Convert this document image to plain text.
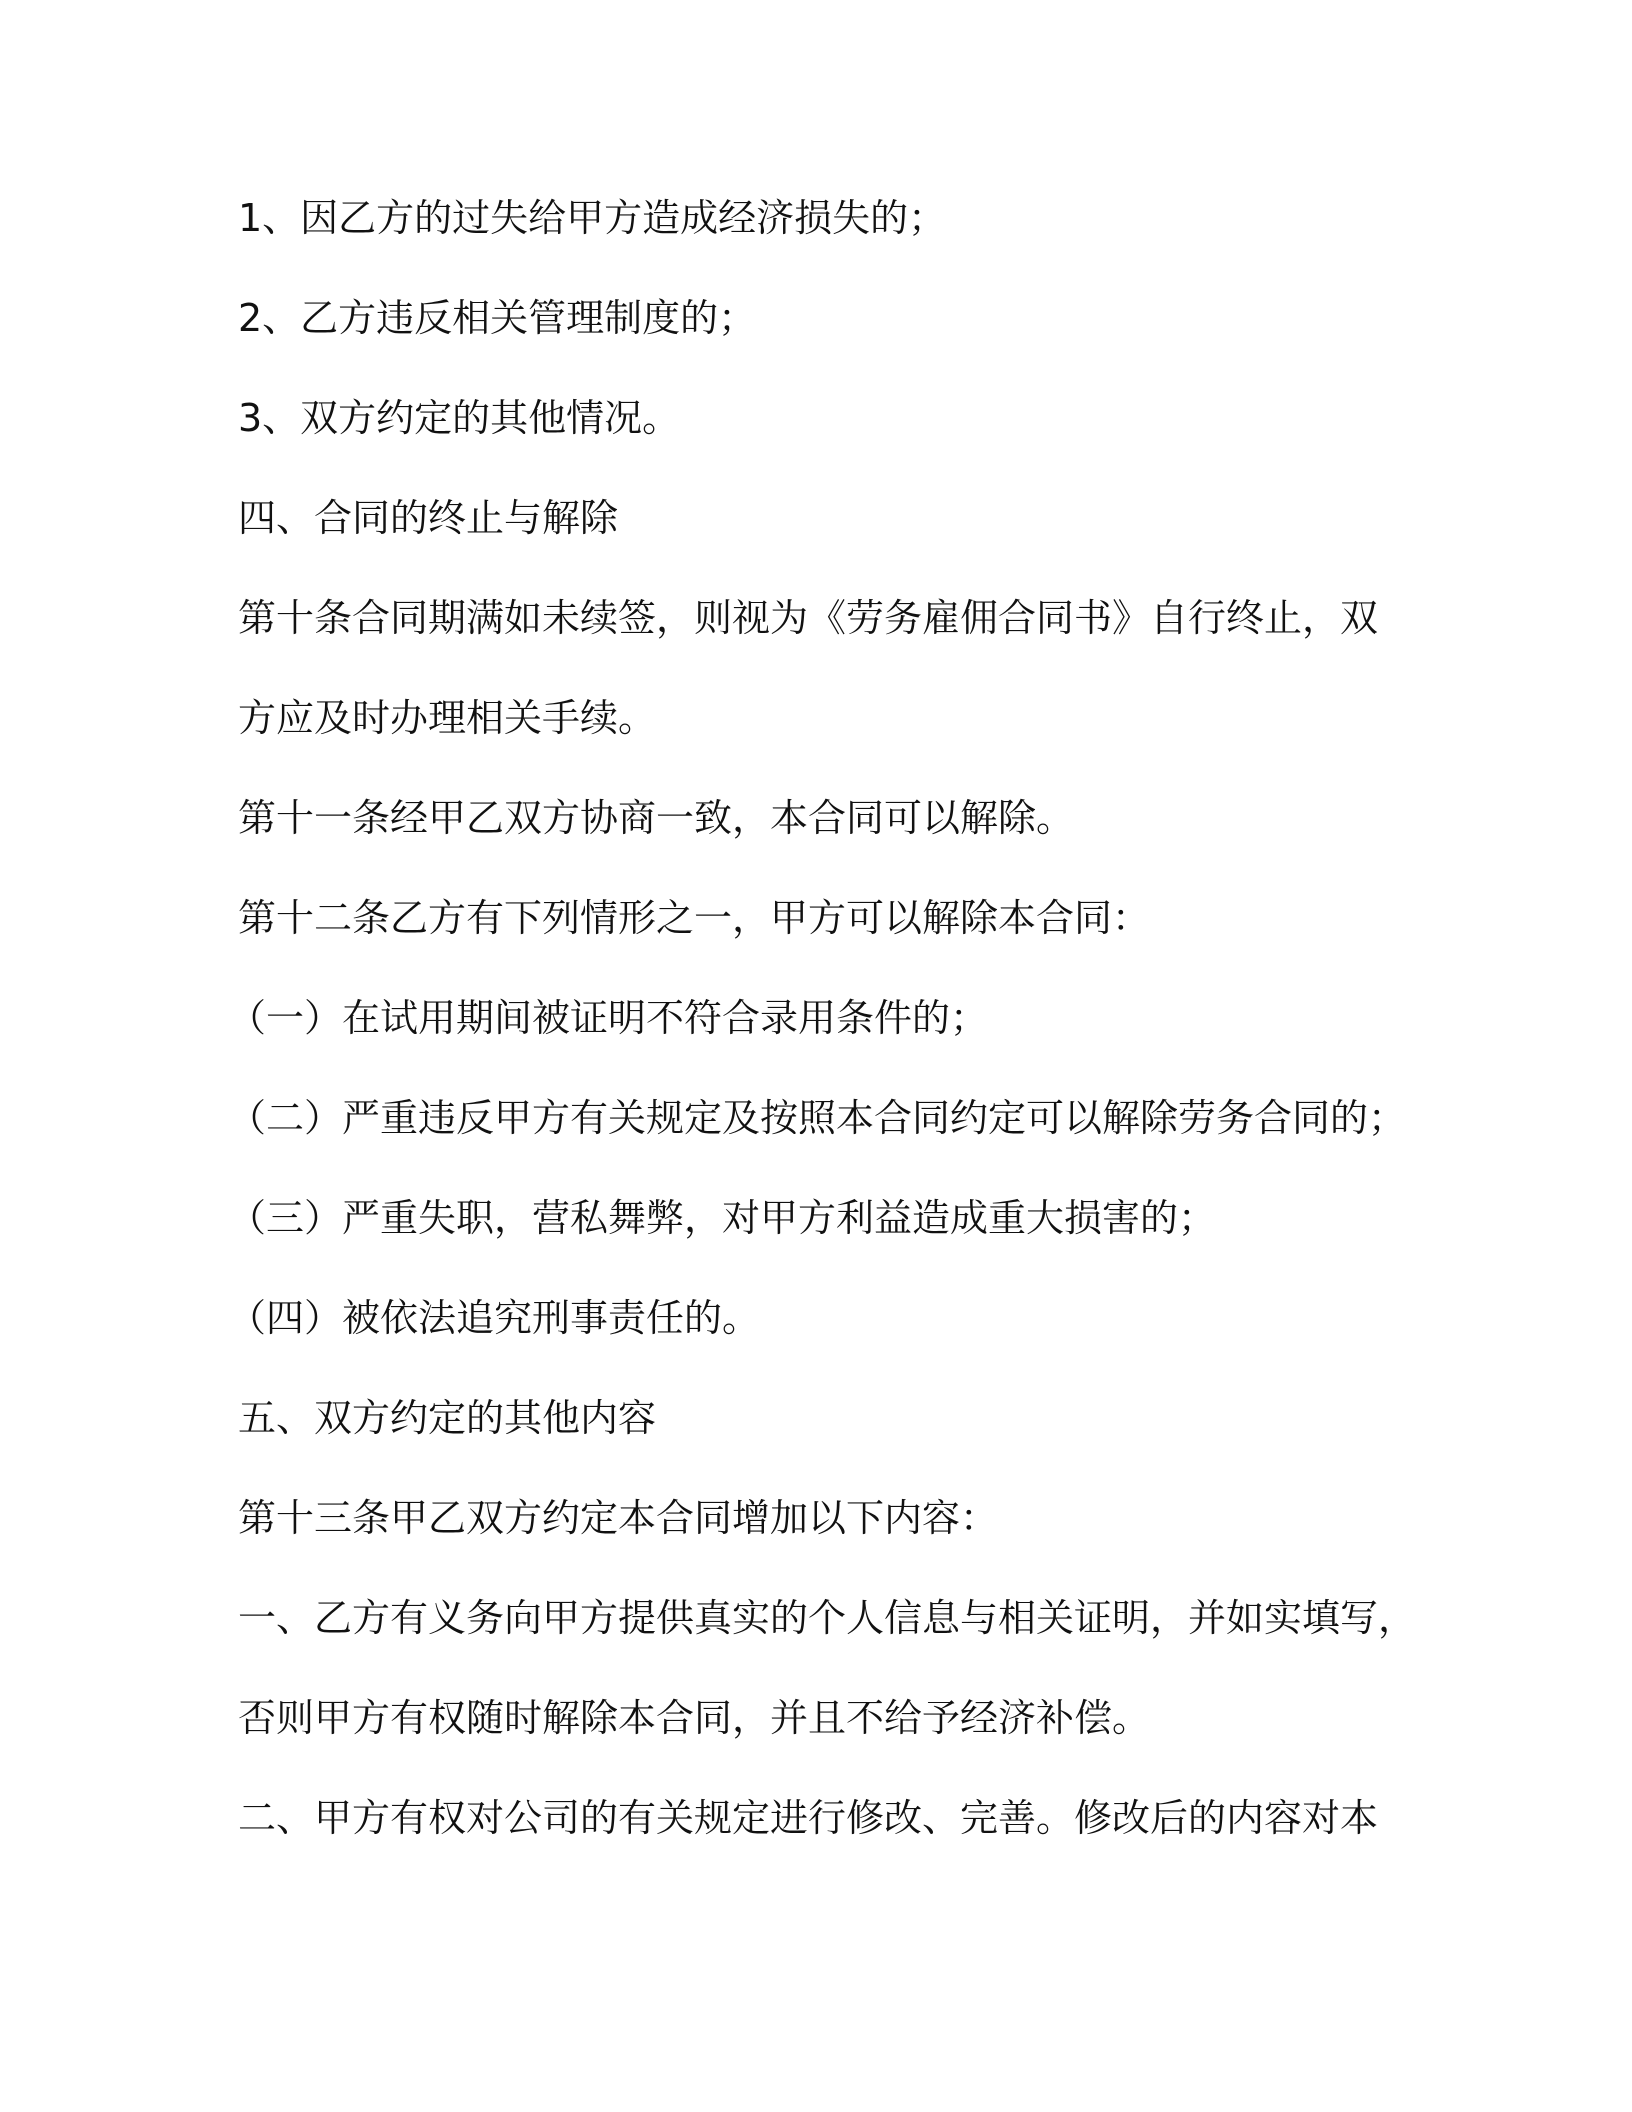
1、因乙方的过失给甲方造成经济损失的；
2、乙方违反相关管理制度的；
3、双方约定的其他情况。
四、合同的终止与解除
第十条合同期满如未续签，则视为《劳务雇佣合同书》自行终止，双
方应及时办理相关手续。
第十一条经甲乙双方协商一致，本合同可以解除。
第十二条乙方有下列情形之一，甲方可以解除本合同：
（一）在试用期间被证明不符合录用条件的；
（二）严重违反甲方有关规定及按照本合同约定可以解除劳务合同的；
（三）严重失职，营私舞弊，对甲方利益造成重大损害的；
（四）被依法追究刑事责任的。
五、双方约定的其他内容
第十三条甲乙双方约定本合同增加以下内容：
一、乙方有义务向甲方提供真实的个人信息与相关证明，并如实填写，
否则甲方有权随时解除本合同，并且不给予经济补偿。
二、甲方有权对公司的有关规定进行修改、完善。修改后的内容对本
